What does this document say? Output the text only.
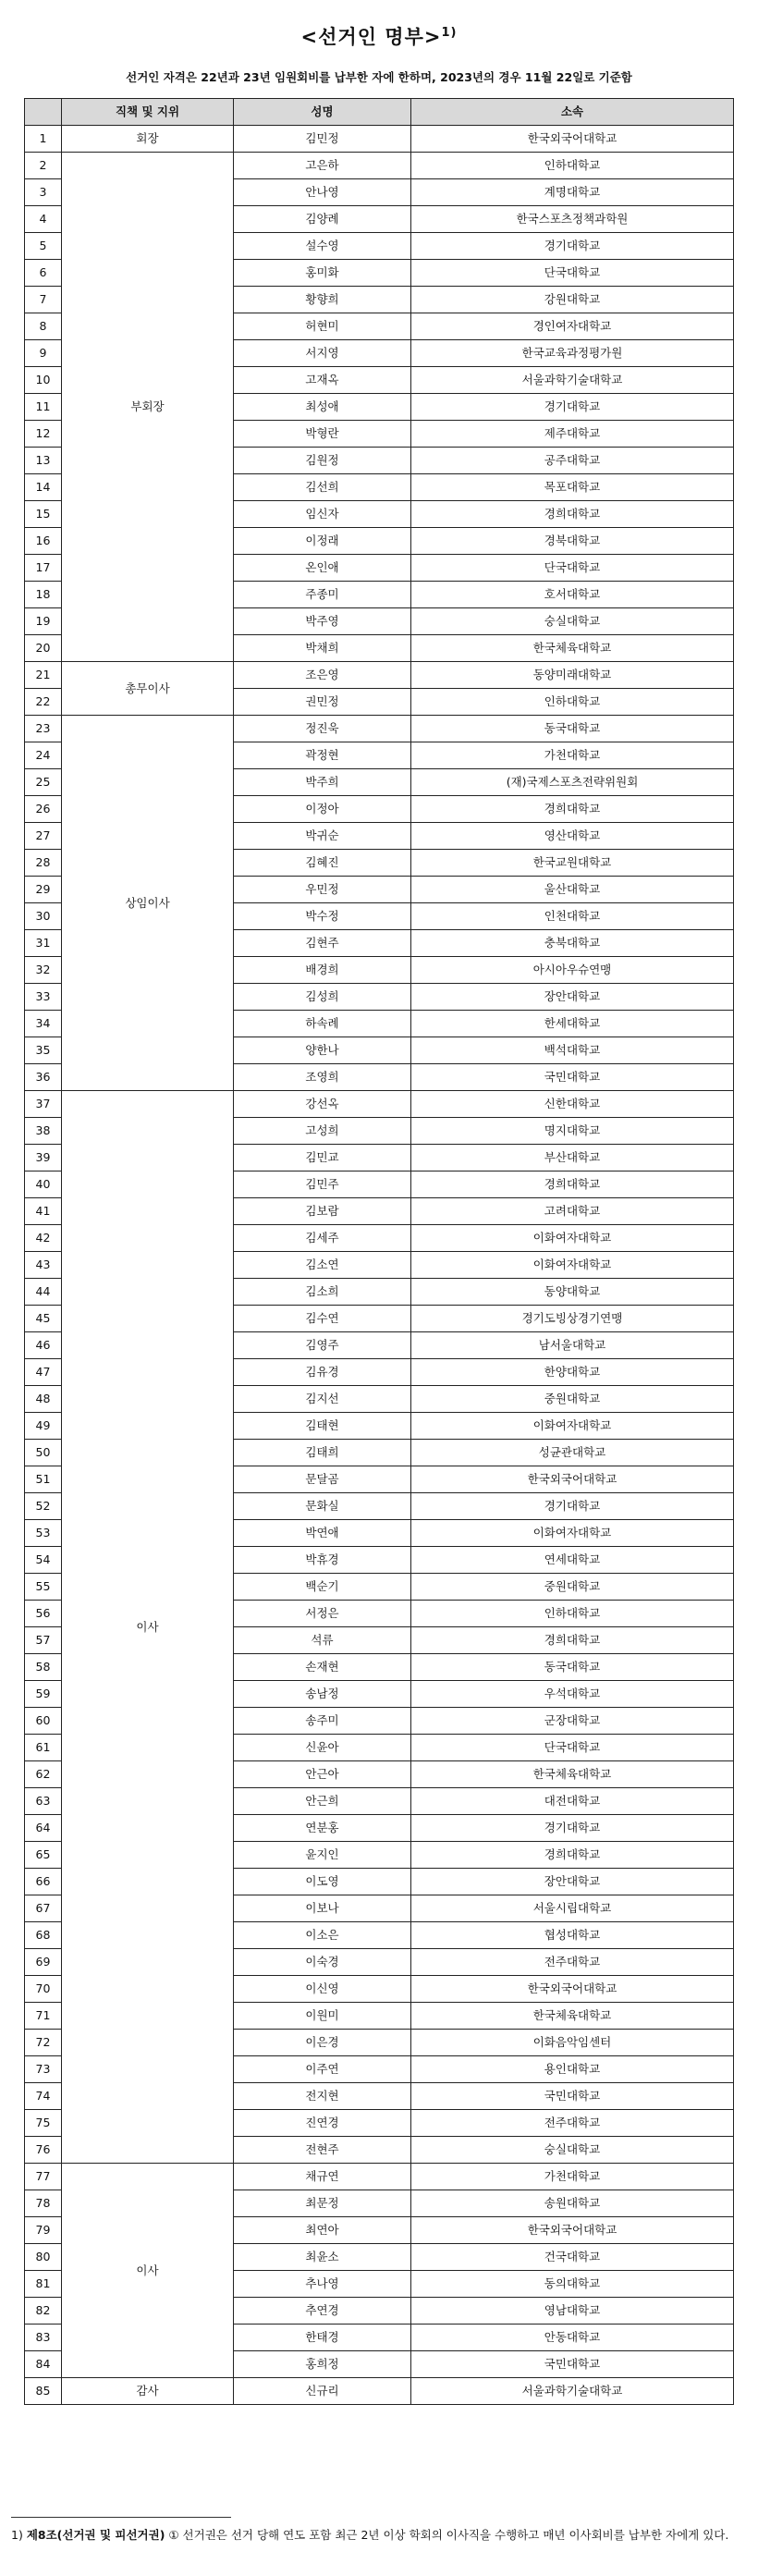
<선거인 명부>$^{1)}$
선거인 자격은 22년과 23년 임원회비를 납부한 자에 한하며, 2023년의 경우 11월 22일로 기준함
	직책 및 지위	성명	소속
1	회장	김민정	한국외국어대학교
2	부회장	고은하	인하대학교
3		안나영	계명대학교
4		김양례	한국스포츠정책과학원
5		설수영	경기대학교
6		홍미화	단국대학교
7		황향희	강원대학교
8		허현미	경인여자대학교
9		서지영	한국교육과정평가원
10		고재옥	서울과학기술대학교
11		최성애	경기대학교
12		박형란	제주대학교
13		김원정	공주대학교
14		김선희	목포대학교
15		임신자	경희대학교
16		이정래	경북대학교
17		온인애	단국대학교
18		주종미	호서대학교
19		박주영	숭실대학교
20		박채희	한국체육대학교
21	총무이사	조은영	동양미래대학교
22		권민정	인하대학교
23	상임이사	정진욱	동국대학교
24		곽정현	가천대학교
25		박주희	(재)국제스포츠전략위원회
26		이정아	경희대학교
27		박귀순	영산대학교
28		김혜진	한국교원대학교
29		우민정	울산대학교
30		박수정	인천대학교
31		김현주	충북대학교
32		배경희	아시아우슈연맹
33		김성희	장안대학교
34		하속례	한세대학교
35		양한나	백석대학교
36		조영희	국민대학교
37	이사	강선옥	신한대학교
38		고성희	명지대학교
39		김민교	부산대학교
40		김민주	경희대학교
41		김보람	고려대학교
42		김세주	이화여자대학교
43		김소연	이화여자대학교
44		김소희	동양대학교
45		김수연	경기도빙상경기연맹
46		김영주	남서울대학교
47		김유경	한양대학교
48		김지선	중원대학교
49		김태현	이화여자대학교
50		김태희	성균관대학교
51		문달곰	한국외국어대학교
52		문화실	경기대학교
53		박연애	이화여자대학교
54		박휴경	연세대학교
55		백순기	중원대학교
56		서정은	인하대학교
57		석류	경희대학교
58		손재현	동국대학교
59		송남정	우석대학교
60		송주미	군장대학교
61		신윤아	단국대학교
62		안근아	한국체육대학교
63		안근희	대전대학교
64		연분홍	경기대학교
65		윤지인	경희대학교
66		이도영	장안대학교
67		이보나	서울시립대학교
68		이소은	협성대학교
69		이숙경	전주대학교
70		이신영	한국외국어대학교
71		이원미	한국체육대학교
72		이은경	이화음악임센터
73		이주연	용인대학교
74		전지현	국민대학교
75		진연경	전주대학교
76		전현주	숭실대학교
77	이사	채규연	가천대학교
78		최문정	송원대학교
79		최연아	한국외국어대학교
80		최윤소	건국대학교
81		추나영	동의대학교
82		추연경	영남대학교
83		한태경	안동대학교
84		홍희정	국민대학교
85	감사	신규리	서울과학기술대학교
1) 제8조(선거권 및 피선거권) ① 선거권은 선거 당해 연도 포함 최근 2년 이상 학회의 이사직을 수행하고 매년 이사회비를 납부한 자에게 있다.
